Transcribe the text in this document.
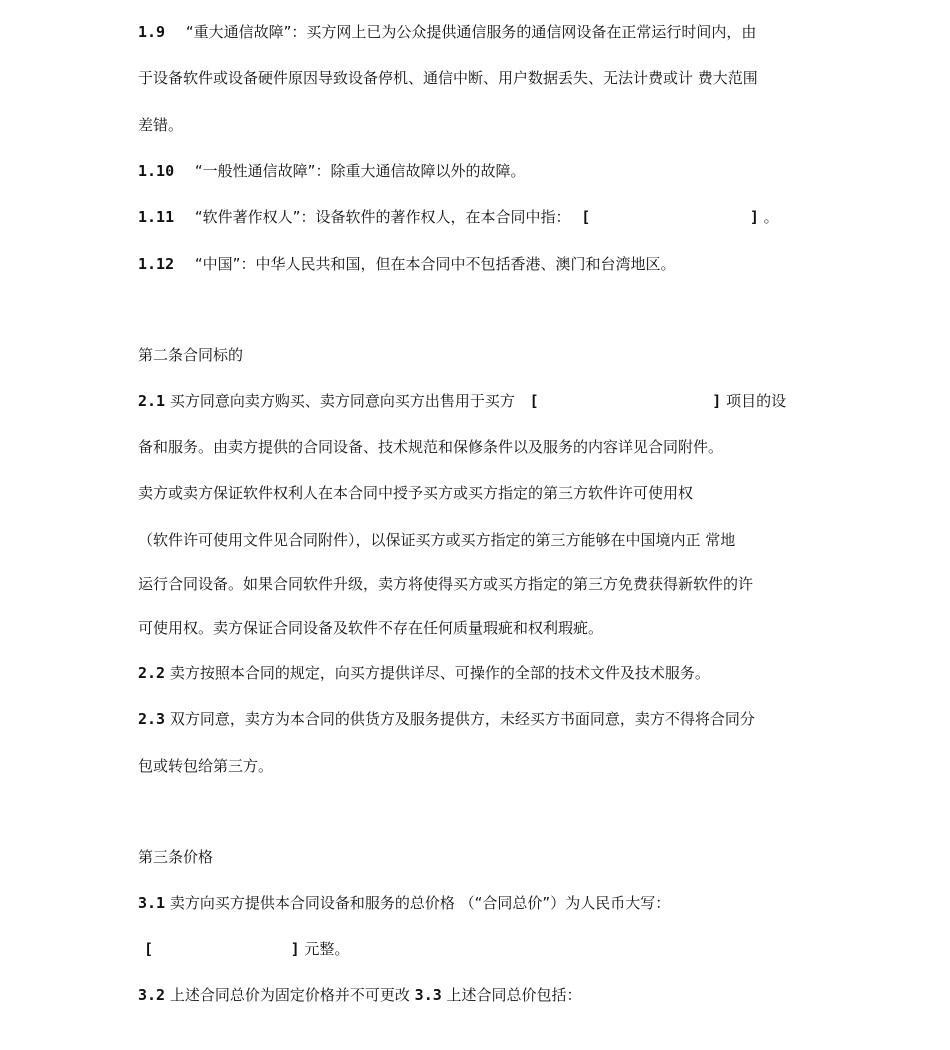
1.9 “重大通信故障”：买方网上已为公众提供通信服务的通信网设备在正常运行时间内，由
于设备软件或设备硬件原因导致设备停机、通信中断、用户数据丢失、无法计费或计 费大范围
差错。
1.10 “一般性通信故障”：除重大通信故障以外的故障。
1.11 “软件著作权人”：设备软件的著作权人，在本合同中指： [	] 。
1.12 “中国”：中华人民共和国，但在本合同中不包括香港、澳门和台湾地区。
第二条合同标的
2.1 买方同意向卖方购买、卖方同意向买方出售用于买方 [	] 项目的设
备和服务。由卖方提供的合同设备、技术规范和保修条件以及服务的内容详见合同附件。
卖方或卖方保证软件权利人在本合同中授予买方或买方指定的第三方软件许可使用权
（软件许可使用文件见合同附件），以保证买方或买方指定的第三方能够在中国境内正 常地
运行合同设备。如果合同软件升级，卖方将使得买方或买方指定的第三方免费获得新软件的许
可使用权。卖方保证合同设备及软件不存在任何质量瑕疵和权利瑕疵。
2.2 卖方按照本合同的规定，向买方提供详尽、可操作的全部的技术文件及技术服务。
2.3 双方同意，卖方为本合同的供货方及服务提供方，未经买方书面同意，卖方不得将合同分
包或转包给第三方。
第三条价格
3.1 卖方向买方提供本合同设备和服务的总价格 （“合同总价”）为人民币大写：
[	] 元整。
3.2 上述合同总价为固定价格并不可更改 3.3 上述合同总价包括：
